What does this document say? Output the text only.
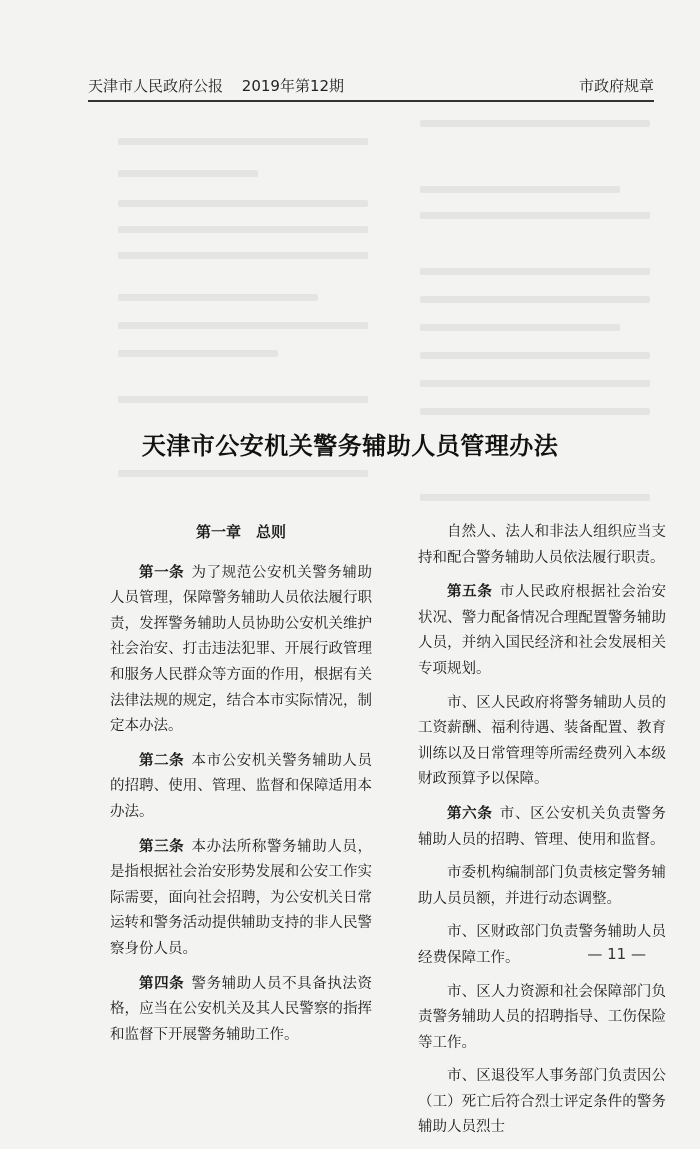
天津市人民政府公报 2019年第12期	市政府规章
天津市公安机关警务辅助人员管理办法
第一章　总则

第一条 为了规范公安机关警务辅助人员管理，保障警务辅助人员依法履行职责，发挥警务辅助人员协助公安机关维护社会治安、打击违法犯罪、开展行政管理和服务人民群众等方面的作用，根据有关法律法规的规定，结合本市实际情况，制定本办法。

第二条 本市公安机关警务辅助人员的招聘、使用、管理、监督和保障适用本办法。

第三条 本办法所称警务辅助人员，是指根据社会治安形势发展和公安工作实际需要，面向社会招聘，为公安机关日常运转和警务活动提供辅助支持的非人民警察身份人员。

第四条 警务辅助人员不具备执法资格，应当在公安机关及其人民警察的指挥和监督下开展警务辅助工作。

自然人、法人和非法人组织应当支持和配合警务辅助人员依法履行职责。

第五条 市人民政府根据社会治安状况、警力配备情况合理配置警务辅助人员，并纳入国民经济和社会发展相关专项规划。

市、区人民政府将警务辅助人员的工资薪酬、福利待遇、装备配置、教育训练以及日常管理等所需经费列入本级财政预算予以保障。

第六条 市、区公安机关负责警务辅助人员的招聘、管理、使用和监督。

市委机构编制部门负责核定警务辅助人员员额，并进行动态调整。

市、区财政部门负责警务辅助人员经费保障工作。

市、区人力资源和社会保障部门负责警务辅助人员的招聘指导、工伤保险等工作。

市、区退役军人事务部门负责因公（工）死亡后符合烈士评定条件的警务辅助人员烈士

— 11 —
